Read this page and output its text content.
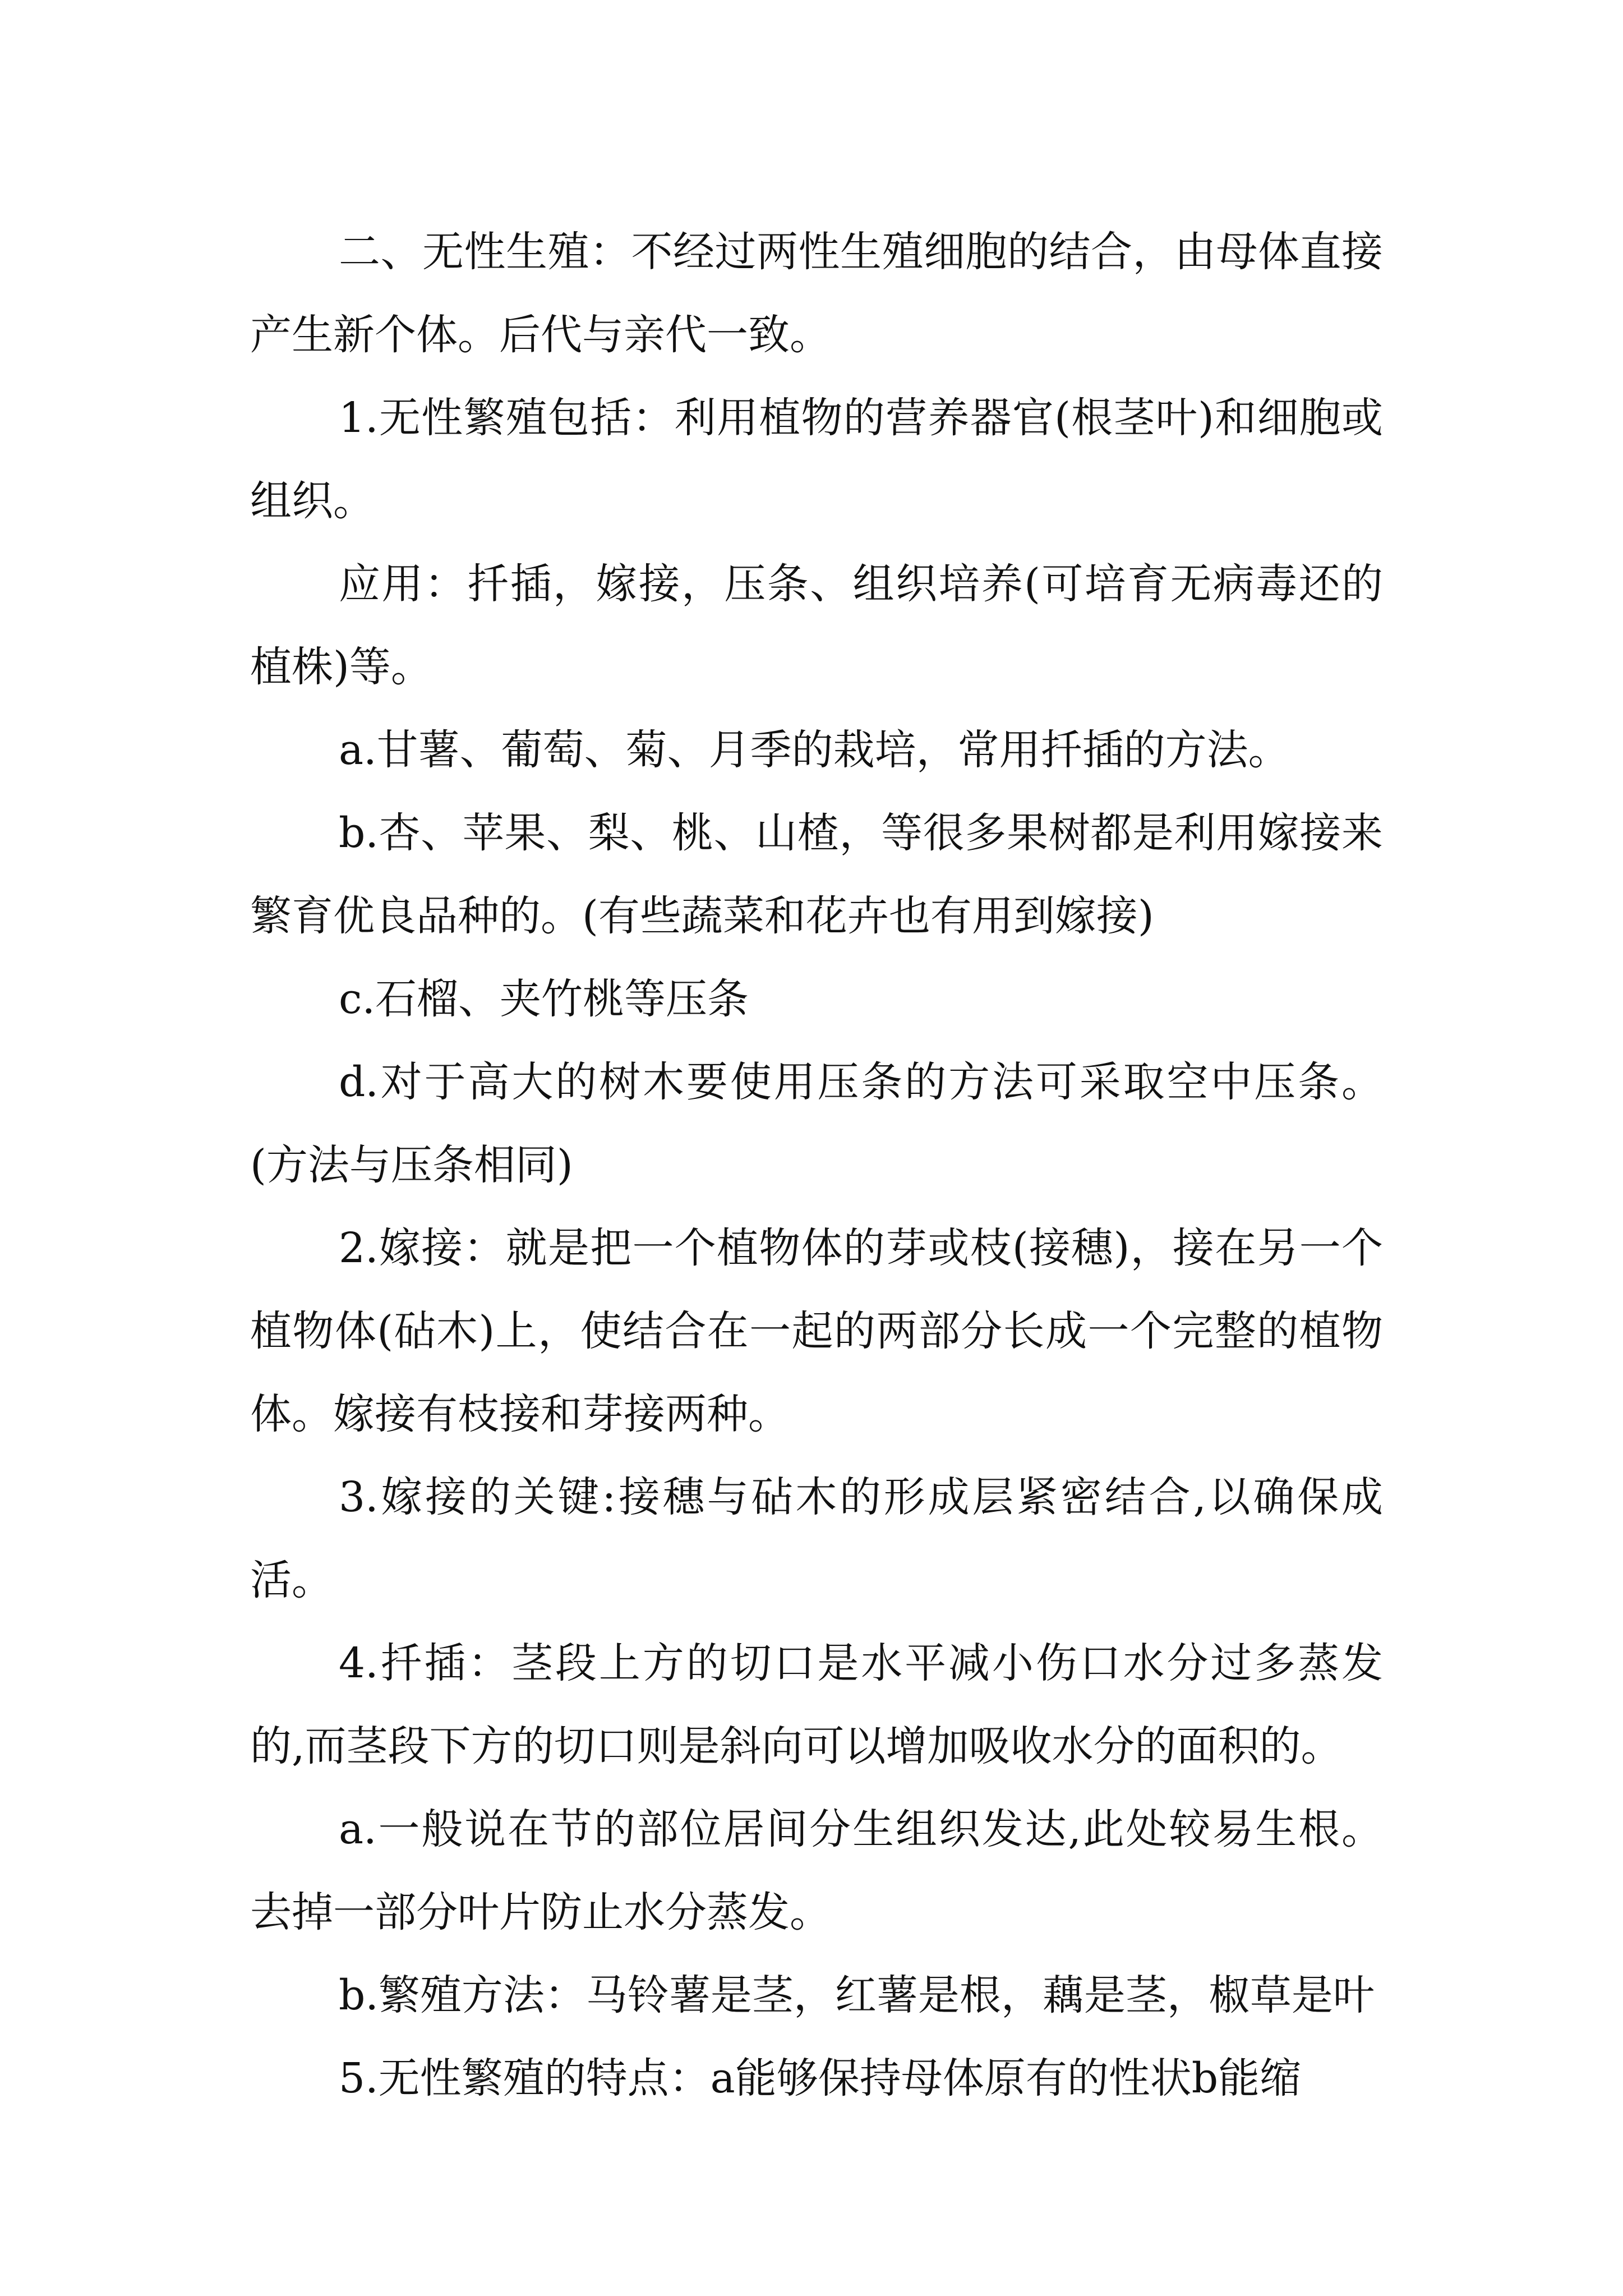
二、无性生殖：不经过两性生殖细胞的结合，由母体直接产生新个体。后代与亲代一致。

1.无性繁殖包括：利用植物的营养器官(根茎叶)和细胞或组织。

应用：扦插，嫁接，压条、组织培养(可培育无病毒还的植株)等。

a.甘薯、葡萄、菊、月季的栽培，常用扦插的方法。

b.杏、苹果、梨、桃、山楂，等很多果树都是利用嫁接来繁育优良品种的。(有些蔬菜和花卉也有用到嫁接)

c.石榴、夹竹桃等压条

d.对于高大的树木要使用压条的方法可采取空中压条。(方法与压条相同)

2.嫁接：就是把一个植物体的芽或枝(接穗)，接在另一个植物体(砧木)上，使结合在一起的两部分长成一个完整的植物体。嫁接有枝接和芽接两种。

3.嫁接的关键:接穗与砧木的形成层紧密结合,以确保成活。

4.扦插：茎段上方的切口是水平减小伤口水分过多蒸发的,而茎段下方的切口则是斜向可以增加吸收水分的面积的。

a.一般说在节的部位居间分生组织发达,此处较易生根。去掉一部分叶片防止水分蒸发。

b.繁殖方法：马铃薯是茎，红薯是根，藕是茎，椒草是叶

5.无性繁殖的特点：a能够保持母体原有的性状b能缩
